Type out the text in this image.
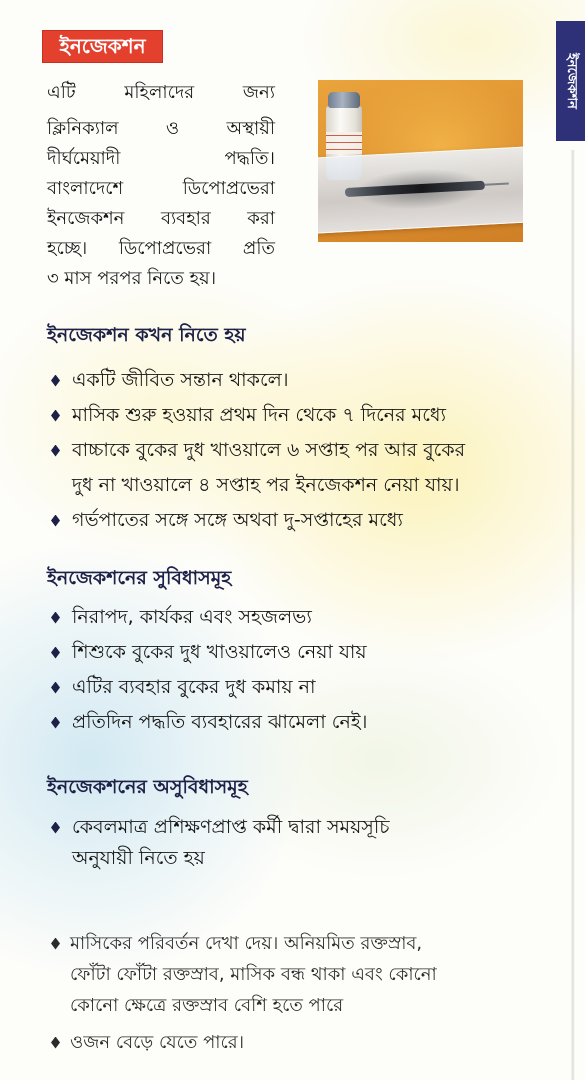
ইনজেকশন
ইনজেকশন
এটি মহিলাদের জন্য
ক্লিনিক্যাল ও অস্থায়ী
দীর্ঘমেয়াদী পদ্ধতি।
বাংলাদেশে ডিপোপ্রভেরা
ইনজেকশন ব্যবহার করা
হচ্ছে। ডিপোপ্রভেরা প্রতি
৩ মাস পরপর নিতে হয়।
ইনজেকশন কখন নিতে হয়
একটি জীবিত সন্তান থাকলে।
মাসিক শুরু হওয়ার প্রথম দিন থেকে ৭ দিনের মধ্যে
বাচ্চাকে বুকের দুধ খাওয়ালে ৬ সপ্তাহ পর আর বুকের
দুধ না খাওয়ালে ৪ সপ্তাহ পর ইনজেকশন নেয়া যায়।
গর্ভপাতের সঙ্গে সঙ্গে অথবা দু-সপ্তাহের মধ্যে
ইনজেকশনের সুবিধাসমূহ
নিরাপদ, কার্যকর এবং সহজলভ্য
শিশুকে বুকের দুধ খাওয়ালেও নেয়া যায়
এটির ব্যবহার বুকের দুধ কমায় না
প্রতিদিন পদ্ধতি ব্যবহারের ঝামেলা নেই।
ইনজেকশনের অসুবিধাসমূহ
কেবলমাত্র প্রশিক্ষণপ্রাপ্ত কর্মী দ্বারা সময়সূচি
অনুযায়ী নিতে হয়
মাসিকের পরিবর্তন দেখা দেয়। অনিয়মিত রক্তস্রাব,
ফোঁটা ফোঁটা রক্তস্রাব, মাসিক বন্ধ থাকা এবং কোনো
কোনো ক্ষেত্রে রক্তস্রাব বেশি হতে পারে
ওজন বেড়ে যেতে পারে।
